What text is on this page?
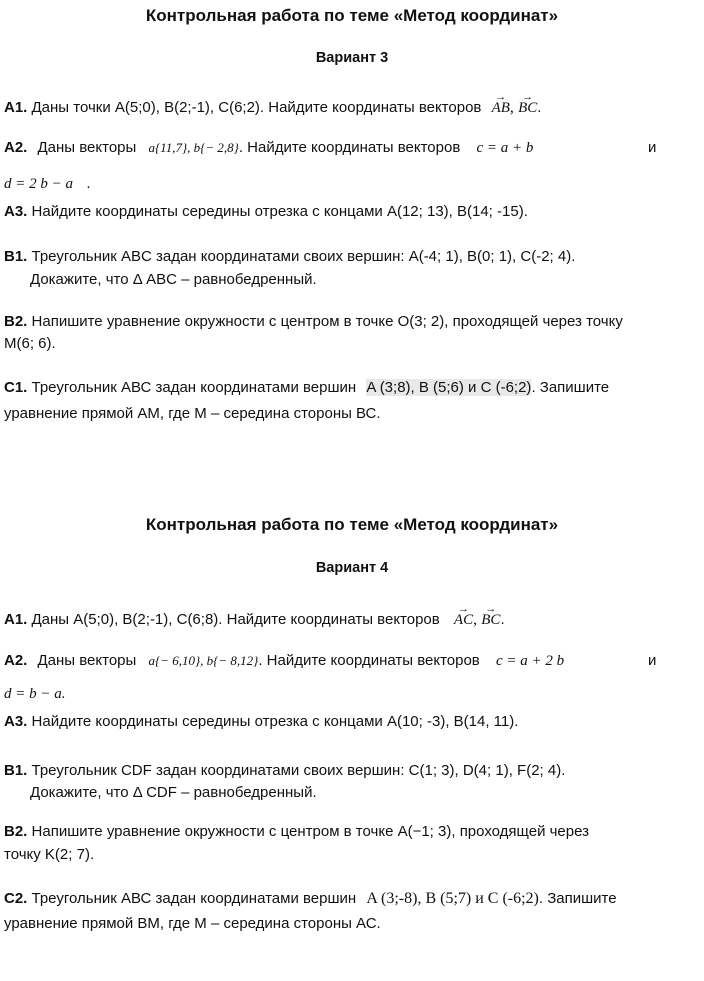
Контрольная работа по теме «Метод координат»
Вариант 3
А1. Даны точки А(5;0), В(2;-1), С(6;2). Найдите координаты векторов → AB, → BC.
А2. Даны векторы a{11,7}, b{− 2,8}. Найдите координаты векторов c = a + b	и
d = 2 b − a .
А3. Найдите координаты середины отрезка с концами A(12; 13), B(14; -15).
В1. Треугольник ABC задан координатами своих вершин: A(-4; 1), B(0; 1), C(-2; 4).
Докажите, что Δ ABC – равнобедренный.
В2. Напишите уравнение окружности с центром в точке O(3; 2), проходящей через точку
M(6; 6).
С1. Треугольник АВС задан координатами вершин A (3;8), B (5;6) и C (-6;2). Запишите
уравнение прямой АМ, где М – середина стороны ВС.
Контрольная работа по теме «Метод координат»
Вариант 4
А1. Даны А(5;0), В(2;-1), С(6;8). Найдите координаты векторов → AC, → BC.
А2. Даны векторы a{− 6,10}, b{− 8,12}. Найдите координаты векторов c = a + 2 b	и
d = b − a.
А3. Найдите координаты середины отрезка с концами A(10; -3), B(14, 11).
В1. Треугольник CDF задан координатами своих вершин: C(1; 3), D(4; 1), F(2; 4).
Докажите, что Δ CDF – равнобедренный.
В2. Напишите уравнение окружности с центром в точке A(−1; 3), проходящей через
точку K(2; 7).
С2. Треугольник АВС задан координатами вершин A (3;-8), B (5;7) и C (-6;2). Запишите
уравнение прямой ВМ, где М – середина стороны АС.
